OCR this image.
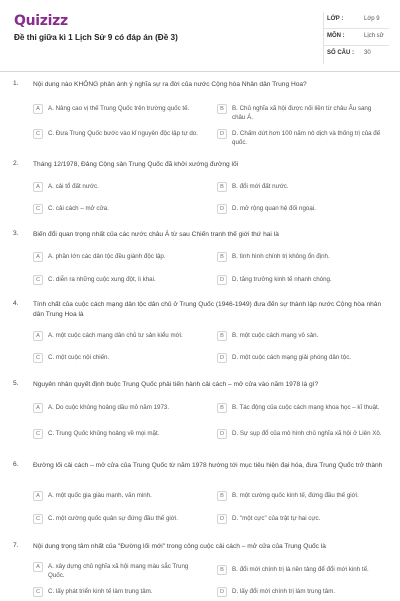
Quizizz
Đề thi giữa kì 1 Lịch Sử 9 có đáp án (Đề 3)
LỚP :	Lớp 9
MÔN :	Lịch sử
SỐ CÂU : 30
1. Nội dung nào KHÔNG phản ánh ý nghĩa sự ra đời của nước Cộng hòa Nhân dân Trung Hoa?
A	A. Nâng cao vị thế Trung Quốc trên trường quốc tế.	B	B. Chủ nghĩa xã hội được nối liền từ châu Âu sang châu Á.
C	C. Đưa Trung Quốc bước vào kỉ nguyên độc lập tự do.	D	D. Chấm dứt hơn 100 năm nô dịch và thống trị của đế quốc.
2. Tháng 12/1978, Đảng Cộng sản Trung Quốc đã khởi xướng đường lối
A	A. cải tổ đất nước.	B	B. đổi mới đất nước.
C	C. cải cách – mở cửa.	D	D. mở rộng quan hệ đối ngoại.
3. Biến đổi quan trọng nhất của các nước châu Á từ sau Chiến tranh thế giới thứ hai là
A	A. phần lớn các dân tộc đều giành độc lập.	B	B. tình hình chính trị không ổn định.
C	C. diễn ra những cuộc xung đột, li khai.	D	D. tăng trưởng kinh tế nhanh chóng.
4. Tính chất của cuộc cách mạng dân tộc dân chủ ở Trung Quốc (1946-1949) đưa đến sự thành lập nước Cộng hòa nhân dân Trung Hoa là
A	A. một cuộc cách mạng dân chủ tư sản kiểu mới.	B	B. một cuộc cách mạng vô sản.
C	C. một cuộc nội chiến.	D	D. một cuộc cách mạng giải phóng dân tộc.
5. Nguyên nhân quyết định buộc Trung Quốc phải tiến hành cải cách – mở cửa vào năm 1978 là gì?
A	A. Do cuộc khủng hoảng dầu mỏ năm 1973.	B	B. Tác động của cuộc cách mạng khoa học – kĩ thuật.
C	C. Trung Quốc khủng hoảng về mọi mặt.	D	D. Sự sụp đổ của mô hình chủ nghĩa xã hội ở Liên Xô.
6. Đường lối cải cách – mở cửa của Trung Quốc từ năm 1978 hướng tới mục tiêu hiện đại hóa, đưa Trung Quốc trở thành
A	A. một quốc gia giàu mạnh, văn minh.	B	B. một cường quốc kinh tế, đứng đầu thế giới.
C	C. một cường quốc quân sự đứng đầu thế giới.	D	D. "một cực" của trật tự hai cực.
7. Nội dung trọng tâm nhất của "Đường lối mới" trong công cuộc cải cách – mở cửa của Trung Quốc là
A	A. xây dựng chủ nghĩa xã hội mang màu sắc Trung Quốc.
B	B. đổi mới chính trị là nền tảng để đổi mới kinh tế.
C	C. lấy phát triển kinh tế làm trung tâm.	D	D. lấy đổi mới chính trị làm trung tâm.
